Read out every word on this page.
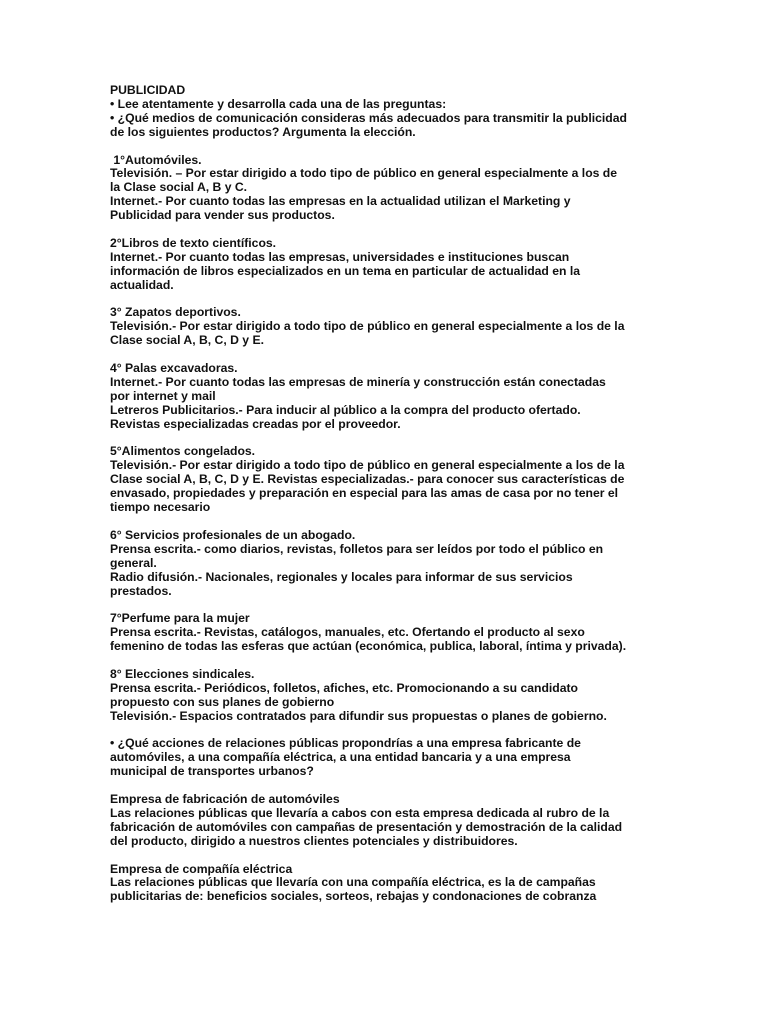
PUBLICIDAD
• Lee atentamente y desarrolla cada una de las preguntas:
• ¿Qué medios de comunicación consideras más adecuados para transmitir la publicidad
de los siguientes productos? Argumenta la elección.
1°Automóviles.
Televisión. – Por estar dirigido a todo tipo de público en general especialmente a los de
la Clase social A, B y C.
Internet.- Por cuanto todas las empresas en la actualidad utilizan el Marketing y
Publicidad para vender sus productos.
2°Libros de texto científicos.
Internet.- Por cuanto todas las empresas, universidades e instituciones buscan
información de libros especializados en un tema en particular de actualidad en la
actualidad.
3° Zapatos deportivos.
Televisión.- Por estar dirigido a todo tipo de público en general especialmente a los de la
Clase social A, B, C, D y E.
4° Palas excavadoras.
Internet.- Por cuanto todas las empresas de minería y construcción están conectadas
por internet y mail
Letreros Publicitarios.- Para inducir al público a la compra del producto ofertado.
Revistas especializadas creadas por el proveedor.
5°Alimentos congelados.
Televisión.- Por estar dirigido a todo tipo de público en general especialmente a los de la
Clase social A, B, C, D y E. Revistas especializadas.- para conocer sus características de
envasado, propiedades y preparación en especial para las amas de casa por no tener el
tiempo necesario
6° Servicios profesionales de un abogado.
Prensa escrita.- como diarios, revistas, folletos para ser leídos por todo el público en
general.
Radio difusión.- Nacionales, regionales y locales para informar de sus servicios
prestados.
7°Perfume para la mujer
Prensa escrita.- Revistas, catálogos, manuales, etc. Ofertando el producto al sexo
femenino de todas las esferas que actúan (económica, publica, laboral, íntima y privada).
8° Elecciones sindicales.
Prensa escrita.- Periódicos, folletos, afiches, etc. Promocionando a su candidato
propuesto con sus planes de gobierno
Televisión.- Espacios contratados para difundir sus propuestas o planes de gobierno.
• ¿Qué acciones de relaciones públicas propondrías a una empresa fabricante de
automóviles, a una compañía eléctrica, a una entidad bancaria y a una empresa
municipal de transportes urbanos?
Empresa de fabricación de automóviles
Las relaciones públicas que llevaría a cabos con esta empresa dedicada al rubro de la
fabricación de automóviles con campañas de presentación y demostración de la calidad
del producto, dirigido a nuestros clientes potenciales y distribuidores.
Empresa de compañía eléctrica
Las relaciones públicas que llevaría con una compañía eléctrica, es la de campañas
publicitarias de: beneficios sociales, sorteos, rebajas y condonaciones de cobranza
